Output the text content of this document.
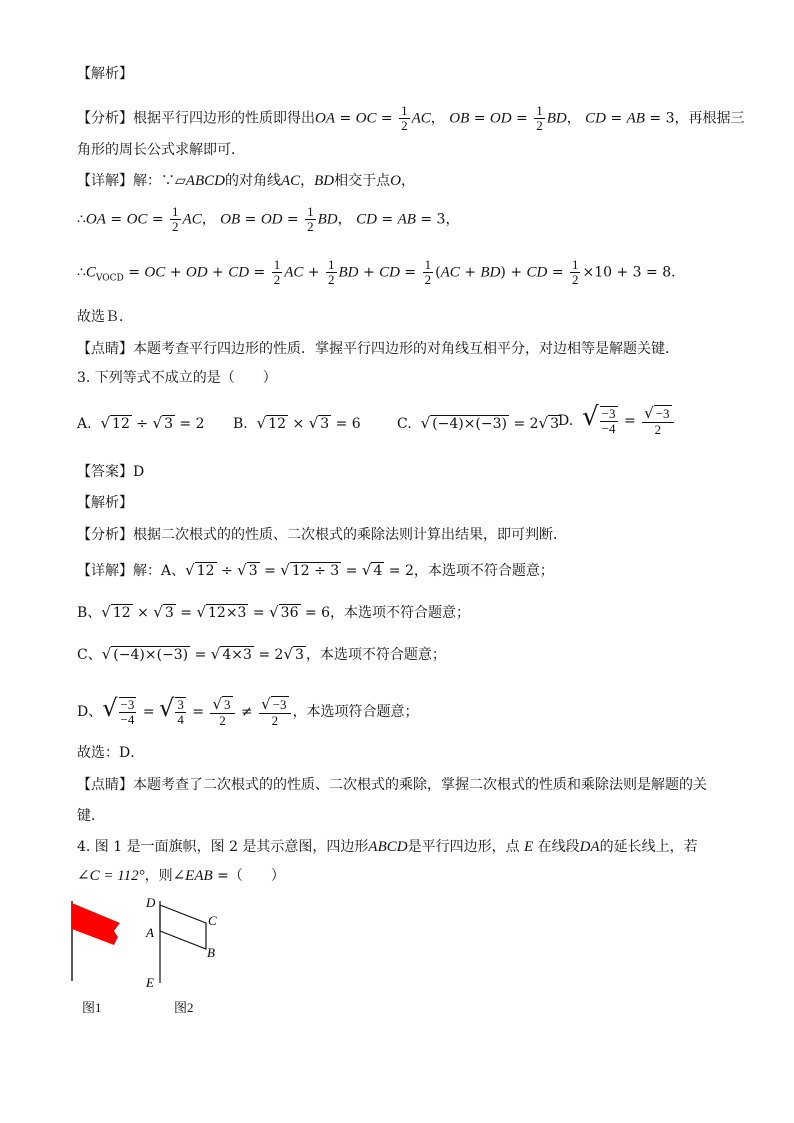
【解析】
【分析】根据平行四边形的性质即得出OA = OC = $\frac{1}{2}$ AC， OB = OD = $\frac{1}{2}$ BD， CD = AB = 3，再根据三
角形的周长公式求解即可．
【详解】解：∵▱ABCD的对角线AC，BD相交于点O，
∴OA = OC = $\frac{1}{2}$ AC， OB = OD = $\frac{1}{2}$ BD， CD = AB = 3，
$\therefore C_{VOCD}$ = OC + OD + CD = $\frac{1}{2}$ AC + $\frac{1}{2}$ BD + CD = $\frac{1}{2} (AC + BD)$ + CD = $\frac{1}{2} \times 10 + 3 = 8$．
故选Ｂ．
【点睛】本题考查平行四边形的性质．掌握平行四边形的对角线互相平分，对边相等是解题关键．
3. 下列等式不成立的是（　　）
A. √ 12 ÷ √ 3 = 2 B. √ 12 × √ 3 = 6	C. √ (−4)×(−3) = 2√ 3
D. √ $\frac{-3}{-4} = \frac{√ -3}{2}$
【答案】D
【解析】
【分析】根据二次根式的的性质、二次根式的乘除法则计算出结果，即可判断．
【详解】解：A、√ 12 ÷ √ 3 = √ 12 ÷ 3 = √ 4 = 2，本选项不符合题意；
B、√ 12 × √ 3 = √ 12×3 = √ 36 = 6，本选项不符合题意；
C、√ (−4)×(−3) = √ 4×3 = 2√ 3 ，本选项不符合题意；
D、√ $\frac{-3}{-4}$ = √ $\frac{3}{4} = \frac{√ 3}{2} \ne \frac{√ -3}{2}$ ，本选项符合题意；
故选：D．
【点睛】本题考查了二次根式的的性质、二次根式的乘除，掌握二次根式的性质和乘除法则是解题的关
键．
4. 图 1 是一面旗帜，图 2 是其示意图，四边形ABCD是平行四边形，点 E 在线段DA的延长线上，若
∠C = 112°，则∠EAB =（　　）
D
A
C
B
E
图1	图2
